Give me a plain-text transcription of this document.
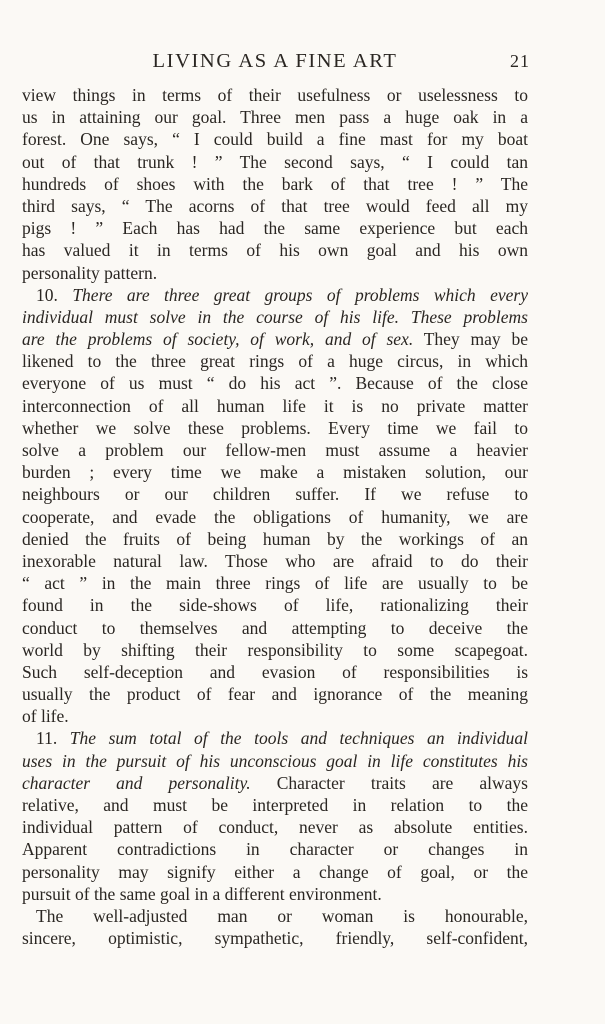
LIVING AS A FINE ART	21
view things in terms of their usefulness or uselessness to
us in attaining our goal. Three men pass a huge oak in a
forest. One says, “ I could build a fine mast for my boat
out of that trunk ! ” The second says, “ I could tan
hundreds of shoes with the bark of that tree ! ” The
third says, “ The acorns of that tree would feed all my
pigs ! ” Each has had the same experience but each
has valued it in terms of his own goal and his own
personality pattern.
10. There are three great groups of problems which every
individual must solve in the course of his life. These problems
are the problems of society, of work, and of sex. They may be
likened to the three great rings of a huge circus, in which
everyone of us must “ do his act ”. Because of the close
interconnection of all human life it is no private matter
whether we solve these problems. Every time we fail to
solve a problem our fellow-men must assume a heavier
burden ; every time we make a mistaken solution, our
neighbours or our children suffer. If we refuse to
cooperate, and evade the obligations of humanity, we are
denied the fruits of being human by the workings of an
inexorable natural law. Those who are afraid to do their
“ act ” in the main three rings of life are usually to be
found in the side-shows of life, rationalizing their
conduct to themselves and attempting to deceive the
world by shifting their responsibility to some scapegoat.
Such self-deception and evasion of responsibilities is
usually the product of fear and ignorance of the meaning
of life.
11. The sum total of the tools and techniques an individual
uses in the pursuit of his unconscious goal in life constitutes his
character and personality. Character traits are always
relative, and must be interpreted in relation to the
individual pattern of conduct, never as absolute entities.
Apparent contradictions in character or changes in
personality may signify either a change of goal, or the
pursuit of the same goal in a different environment.
The well-adjusted man or woman is honourable,
sincere, optimistic, sympathetic, friendly, self-confident,
